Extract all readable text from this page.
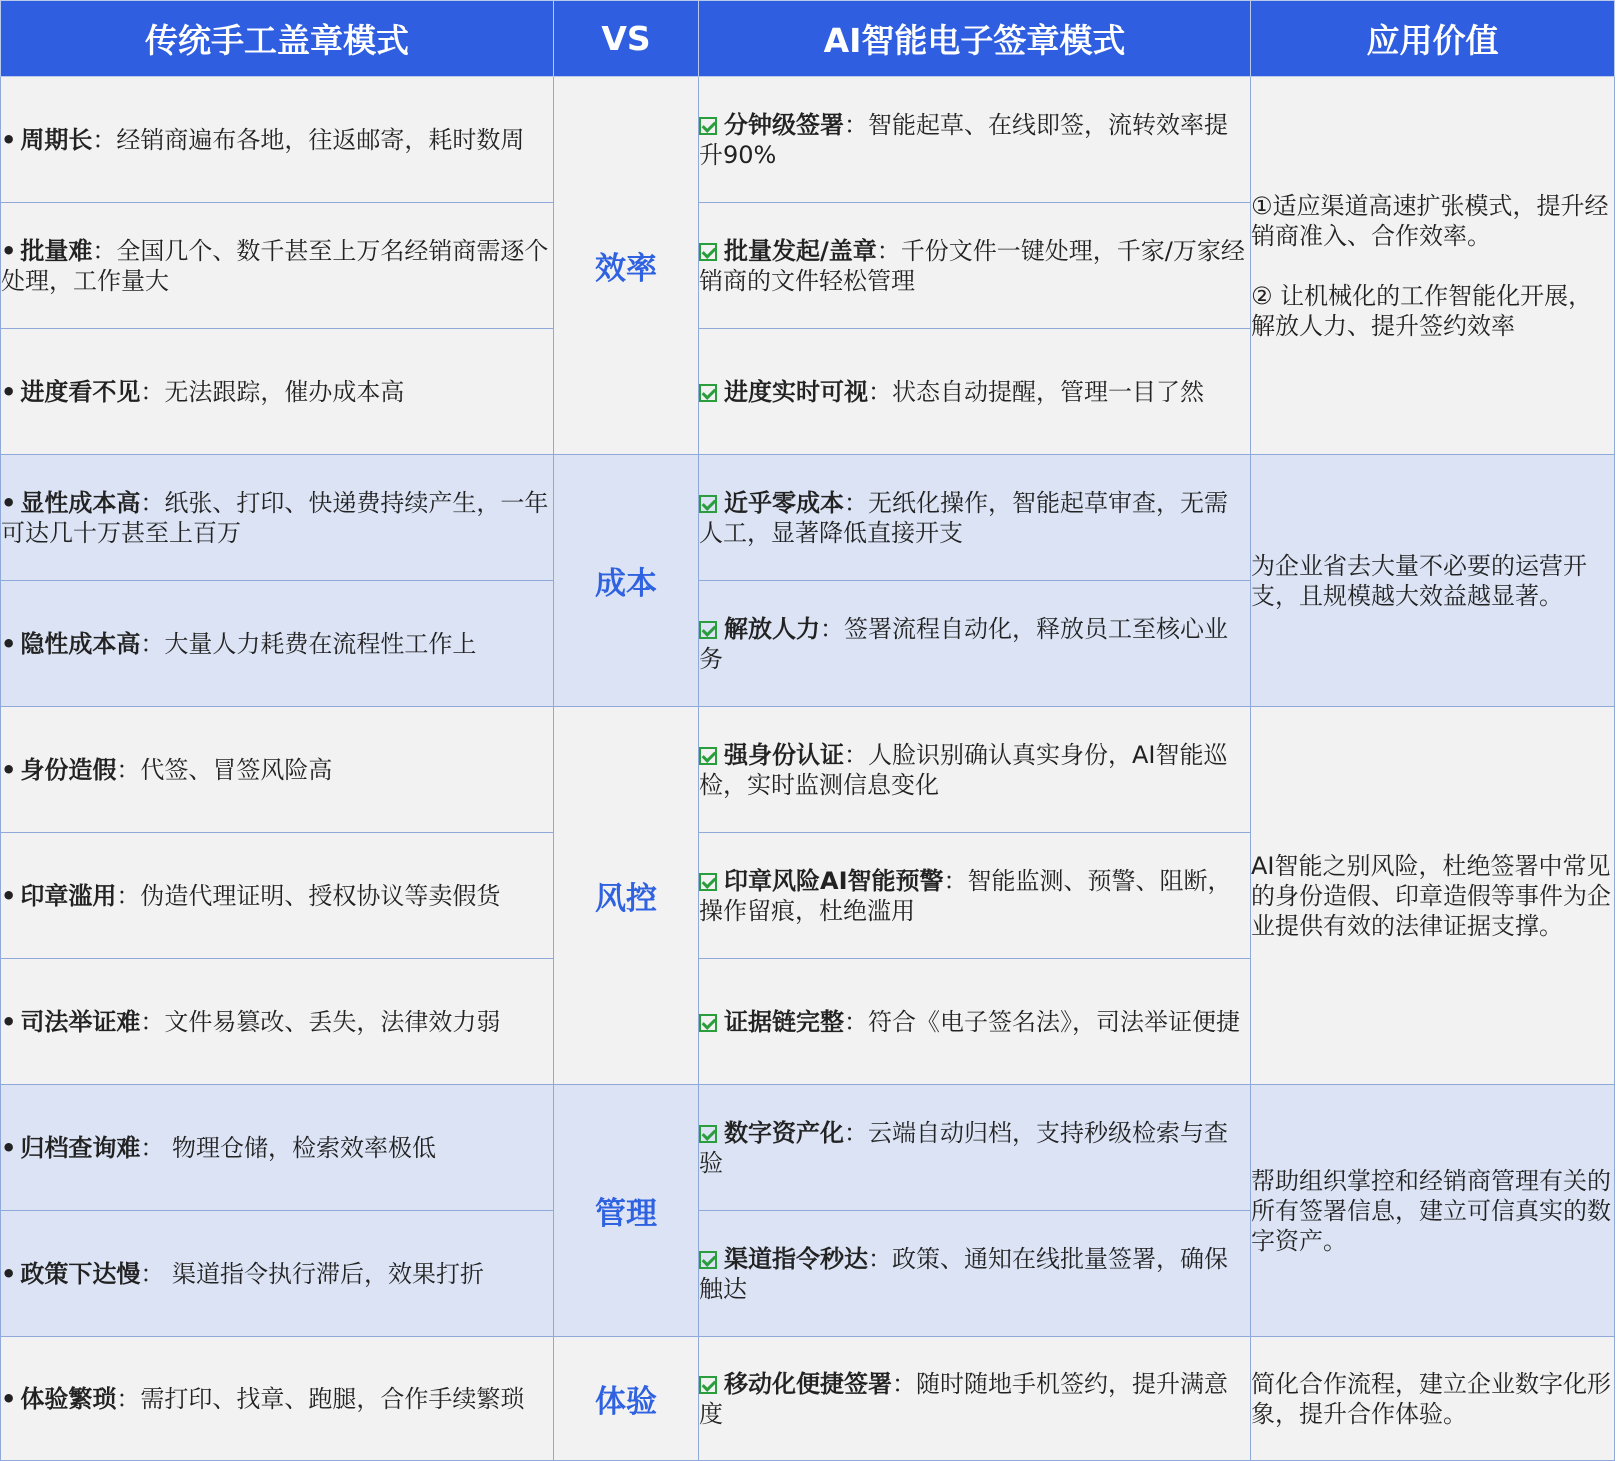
传统手工盖章模式	VS	AI智能电子签章模式	应用价值
• 周期长：经销商遍布各地，往返邮寄，耗时数周	效率	分钟级签署：智能起草、在线即签，流转效率提升90%	①适应渠道高速扩张模式，提升经销商准入、合作效率。

② 让机械化的工作智能化开展，解放人力、提升签约效率
• 批量难：全国几个、数千甚至上万名经销商需逐个处理，工作量大		批量发起/盖章：千份文件一键处理，千家/万家经销商的文件轻松管理	
• 进度看不见：无法跟踪，催办成本高		进度实时可视：状态自动提醒，管理一目了然	
• 显性成本高：纸张、打印、快递费持续产生，一年可达几十万甚至上百万	成本	近乎零成本：无纸化操作，智能起草审查，无需人工，显著降低直接开支	为企业省去大量不必要的运营开支，且规模越大效益越显著。
• 隐性成本高：大量人力耗费在流程性工作上		解放人力：签署流程自动化，释放员工至核心业务	
• 身份造假：代签、冒签风险高	风控	强身份认证：人脸识别确认真实身份，AI智能巡检，实时监测信息变化	AI智能之别风险，杜绝签署中常见的身份造假、印章造假等事件为企业提供有效的法律证据支撑。
• 印章滥用：伪造代理证明、授权协议等卖假货		印章风险AI智能预警：智能监测、预警、阻断，操作留痕，杜绝滥用	
• 司法举证难：文件易篡改、丢失，法律效力弱		证据链完整：符合《电子签名法》，司法举证便捷	
• 归档查询难： 物理仓储，检索效率极低	管理	数字资产化：云端自动归档，支持秒级检索与查验	帮助组织掌控和经销商管理有关的所有签署信息，建立可信真实的数字资产。
• 政策下达慢： 渠道指令执行滞后，效果打折		渠道指令秒达：政策、通知在线批量签署，确保触达	
• 体验繁琐：需打印、找章、跑腿，合作手续繁琐	体验	移动化便捷签署：随时随地手机签约，提升满意度	简化合作流程，建立企业数字化形象，提升合作体验。
